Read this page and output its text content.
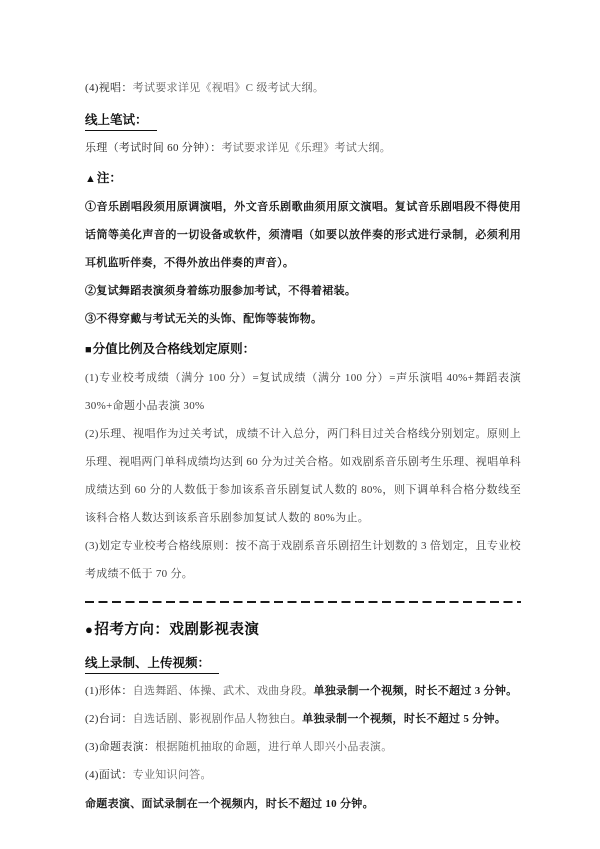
(4)视唱：考试要求详见《视唱》C 级考试大纲。

线上笔试：

乐理（考试时间 60 分钟）：考试要求详见《乐理》考试大纲。

▲注：

①音乐剧唱段须用原调演唱，外文音乐剧歌曲须用原文演唱。复试音乐剧唱段不得使用话筒等美化声音的一切设备或软件，须清唱（如要以放伴奏的形式进行录制，必须利用耳机监听伴奏，不得外放出伴奏的声音）。

②复试舞蹈表演须身着练功服参加考试，不得着裙装。

③不得穿戴与考试无关的头饰、配饰等装饰物。

■分值比例及合格线划定原则：

(1)专业校考成绩（满分 100 分）=复试成绩（满分 100 分）=声乐演唱 40%+舞蹈表演 30%+命题小品表演 30%

(2)乐理、视唱作为过关考试，成绩不计入总分，两门科目过关合格线分别划定。原则上乐理、视唱两门单科成绩均达到 60 分为过关合格。如戏剧系音乐剧考生乐理、视唱单科成绩达到 60 分的人数低于参加该系音乐剧复试人数的 80%，则下调单科合格分数线至该科合格人数达到该系音乐剧参加复试人数的 80%为止。

(3)划定专业校考合格线原则：按不高于戏剧系音乐剧招生计划数的 3 倍划定，且专业校考成绩不低于 70 分。

●招考方向：戏剧影视表演
线上录制、上传视频：

(1)形体：自选舞蹈、体操、武术、戏曲身段。单独录制一个视频，时长不超过 3 分钟。

(2)台词：自选话剧、影视剧作品人物独白。单独录制一个视频，时长不超过 5 分钟。

(3)命题表演：根据随机抽取的命题，进行单人即兴小品表演。

(4)面试：专业知识问答。

命题表演、面试录制在一个视频内，时长不超过 10 分钟。
